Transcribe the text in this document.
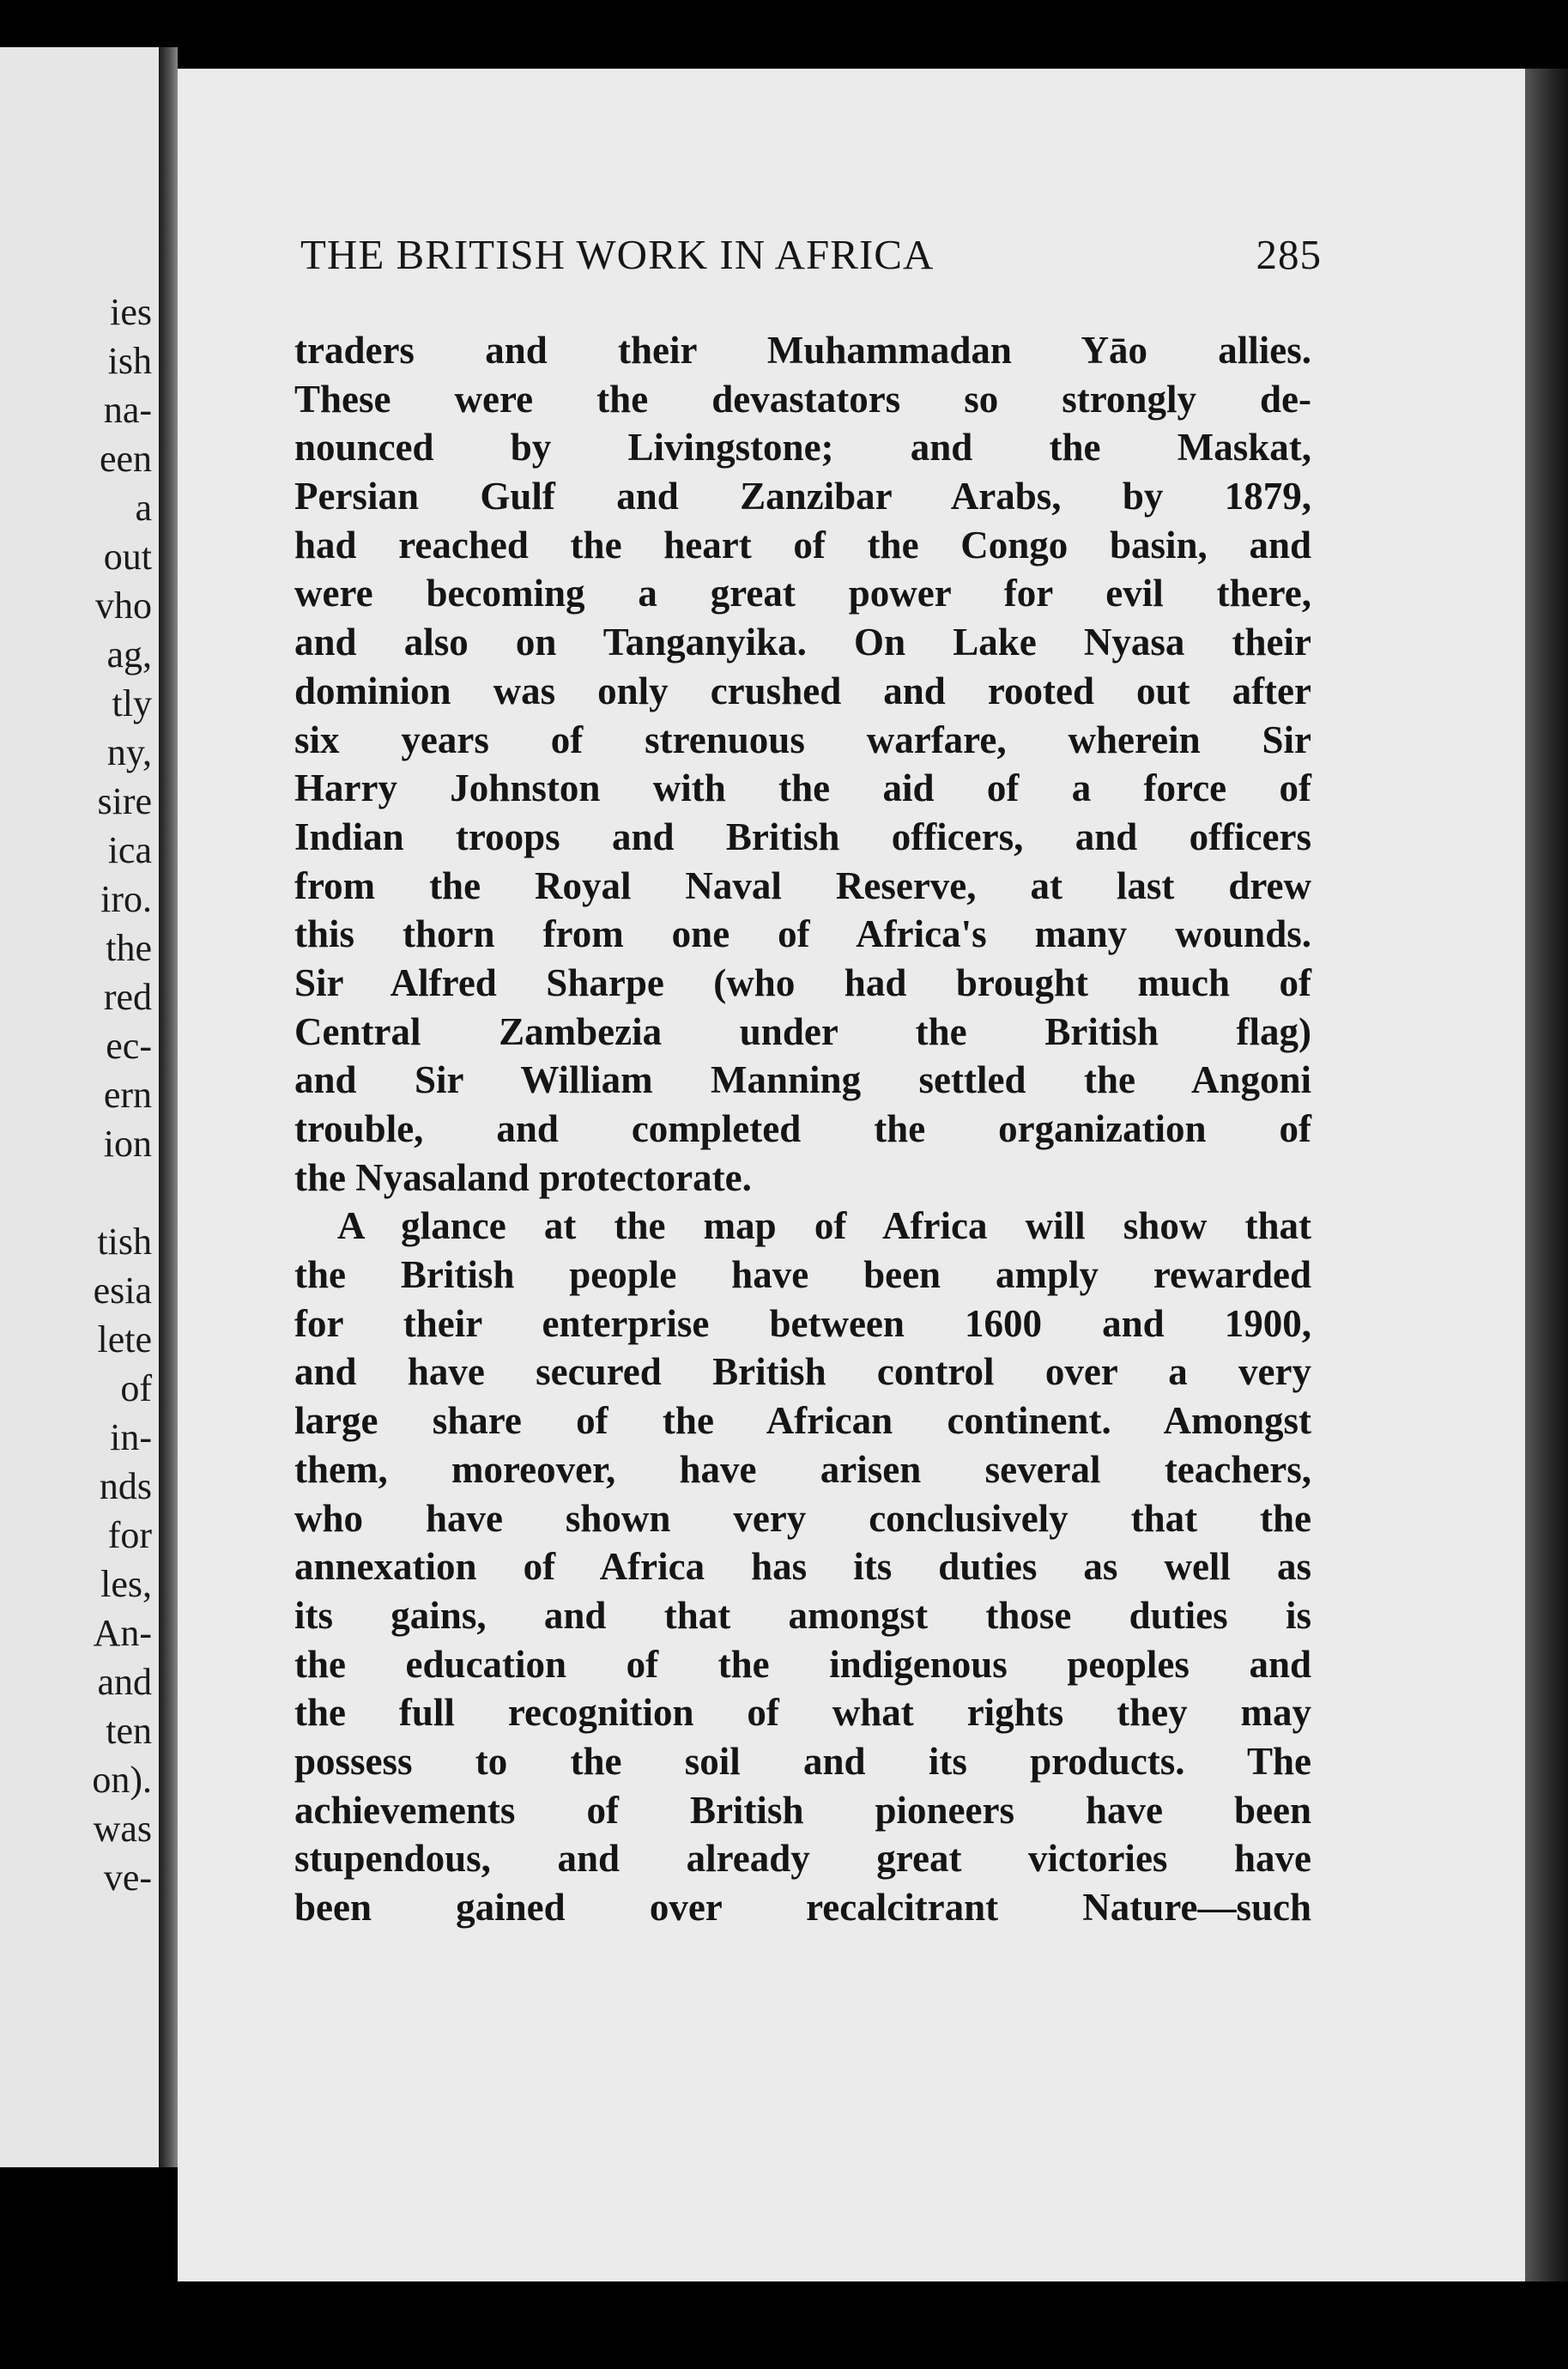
ies
ish
na-
een
a
out
vho
ag,
tly
ny,
sire
ica
iro.
the
red
ec-
ern
ion
tish
esia
lete
of
in-
nds
for
les,
An-
and
ten
on).
was
ve-
THE BRITISH WORK IN AFRICA	285
traders and their Muhammadan Yāo allies.
These were the devastators so strongly de-
nounced by Livingstone; and the Maskat,
Persian Gulf and Zanzibar Arabs, by 1879,
had reached the heart of the Congo basin, and
were becoming a great power for evil there,
and also on Tanganyika. On Lake Nyasa their
dominion was only crushed and rooted out after
six years of strenuous warfare, wherein Sir
Harry Johnston with the aid of a force of
Indian troops and British officers, and officers
from the Royal Naval Reserve, at last drew
this thorn from one of Africa's many wounds.
Sir Alfred Sharpe (who had brought much of
Central Zambezia under the British flag)
and Sir William Manning settled the Angoni
trouble, and completed the organization of
the Nyasaland protectorate.
A glance at the map of Africa will show that
the British people have been amply rewarded
for their enterprise between 1600 and 1900,
and have secured British control over a very
large share of the African continent. Amongst
them, moreover, have arisen several teachers,
who have shown very conclusively that the
annexation of Africa has its duties as well as
its gains, and that amongst those duties is
the education of the indigenous peoples and
the full recognition of what rights they may
possess to the soil and its products. The
achievements of British pioneers have been
stupendous, and already great victories have
been gained over recalcitrant Nature—such
